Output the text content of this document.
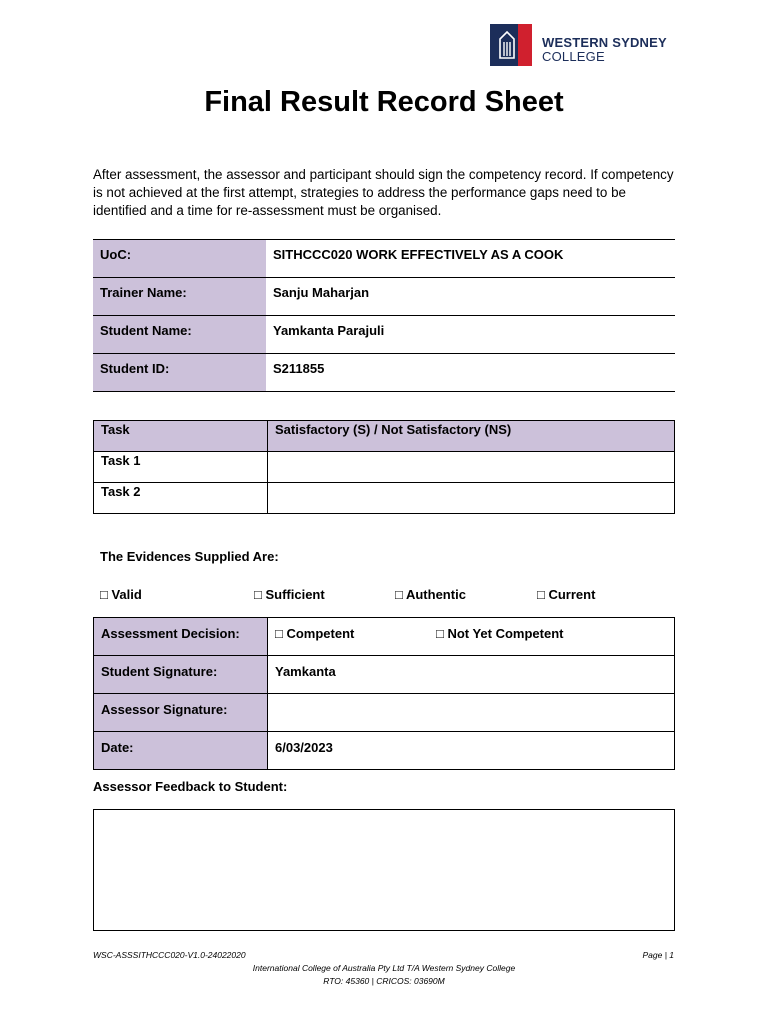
WESTERN SYDNEY
COLLEGE
Final Result Record Sheet
After assessment, the assessor and participant should sign the competency record. If competency is not achieved at the first attempt, strategies to address the performance gaps need to be identified and a time for re-assessment must be organised.
UoC:	SITHCCC020 WORK EFFECTIVELY AS A COOK
Trainer Name:	Sanju Maharjan
Student Name:	Yamkanta Parajuli
Student ID:	S211855
Task	Satisfactory (S) / Not Satisfactory (NS)
Task 1	
Task 2	
The Evidences Supplied Are:
□ Valid	□ Sufficient	□ Authentic	□ Current
Assessment Decision:	□ Competent □ Not Yet Competent
Student Signature:	Yamkanta
Assessor Signature:	
Date:	6/03/2023
Assessor Feedback to Student:
WSC-ASSSITHCCC020-V1.0-24022020	Page | 1
International College of Australia Pty Ltd T/A Western Sydney College
RTO: 45360 | CRICOS: 03690M
